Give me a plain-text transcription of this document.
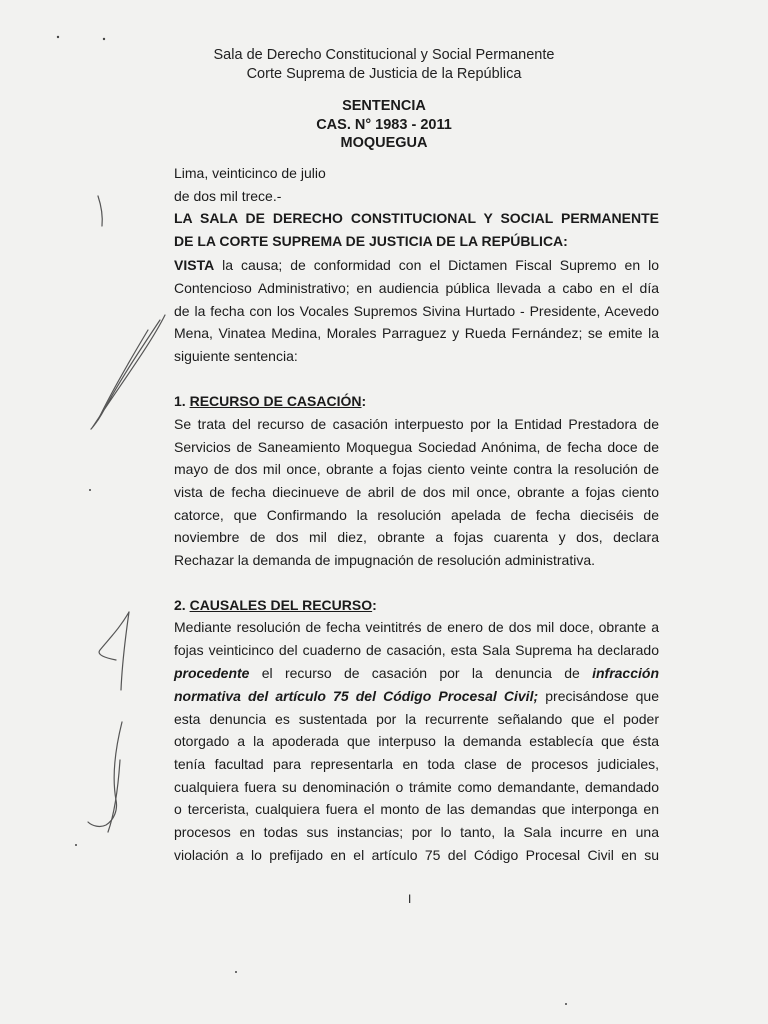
Sala de Derecho Constitucional y Social Permanente
Corte Suprema de Justicia de la República
SENTENCIA
CAS. N° 1983 - 2011
MOQUEGUA
Lima, veinticinco de julio
de dos mil trece.-
LA SALA DE DERECHO CONSTITUCIONAL Y SOCIAL PERMANENTE
DE LA CORTE SUPREMA DE JUSTICIA DE LA REPÚBLICA:
VISTA la causa; de conformidad con el Dictamen Fiscal Supremo en lo
Contencioso Administrativo; en audiencia pública llevada a cabo en el día
de la fecha con los Vocales Supremos Sivina Hurtado - Presidente, Acevedo
Mena, Vinatea Medina, Morales Parraguez y Rueda Fernández; se emite la
siguiente sentencia:
1. RECURSO DE CASACIÓN:
Se trata del recurso de casación interpuesto por la Entidad Prestadora de
Servicios de Saneamiento Moquegua Sociedad Anónima, de fecha doce de
mayo de dos mil once, obrante a fojas ciento veinte contra la resolución de
vista de fecha diecinueve de abril de dos mil once, obrante a fojas ciento
catorce, que Confirmando la resolución apelada de fecha dieciséis de
noviembre de dos mil diez, obrante a fojas cuarenta y dos, declara
Rechazar la demanda de impugnación de resolución administrativa.
2. CAUSALES DEL RECURSO:
Mediante resolución de fecha veintitrés de enero de dos mil doce, obrante a
fojas veinticinco del cuaderno de casación, esta Sala Suprema ha declarado
procedente el recurso de casación por la denuncia de infracción
normativa del artículo 75 del Código Procesal Civil; precisándose que
esta denuncia es sustentada por la recurrente señalando que el poder
otorgado a la apoderada que interpuso la demanda establecía que ésta
tenía facultad para representarla en toda clase de procesos judiciales,
cualquiera fuera su denominación o trámite como demandante, demandado
o tercerista, cualquiera fuera el monto de las demandas que interponga en
procesos en todas sus instancias; por lo tanto, la Sala incurre en una
violación a lo prefijado en el artículo 75 del Código Procesal Civil en su
I
